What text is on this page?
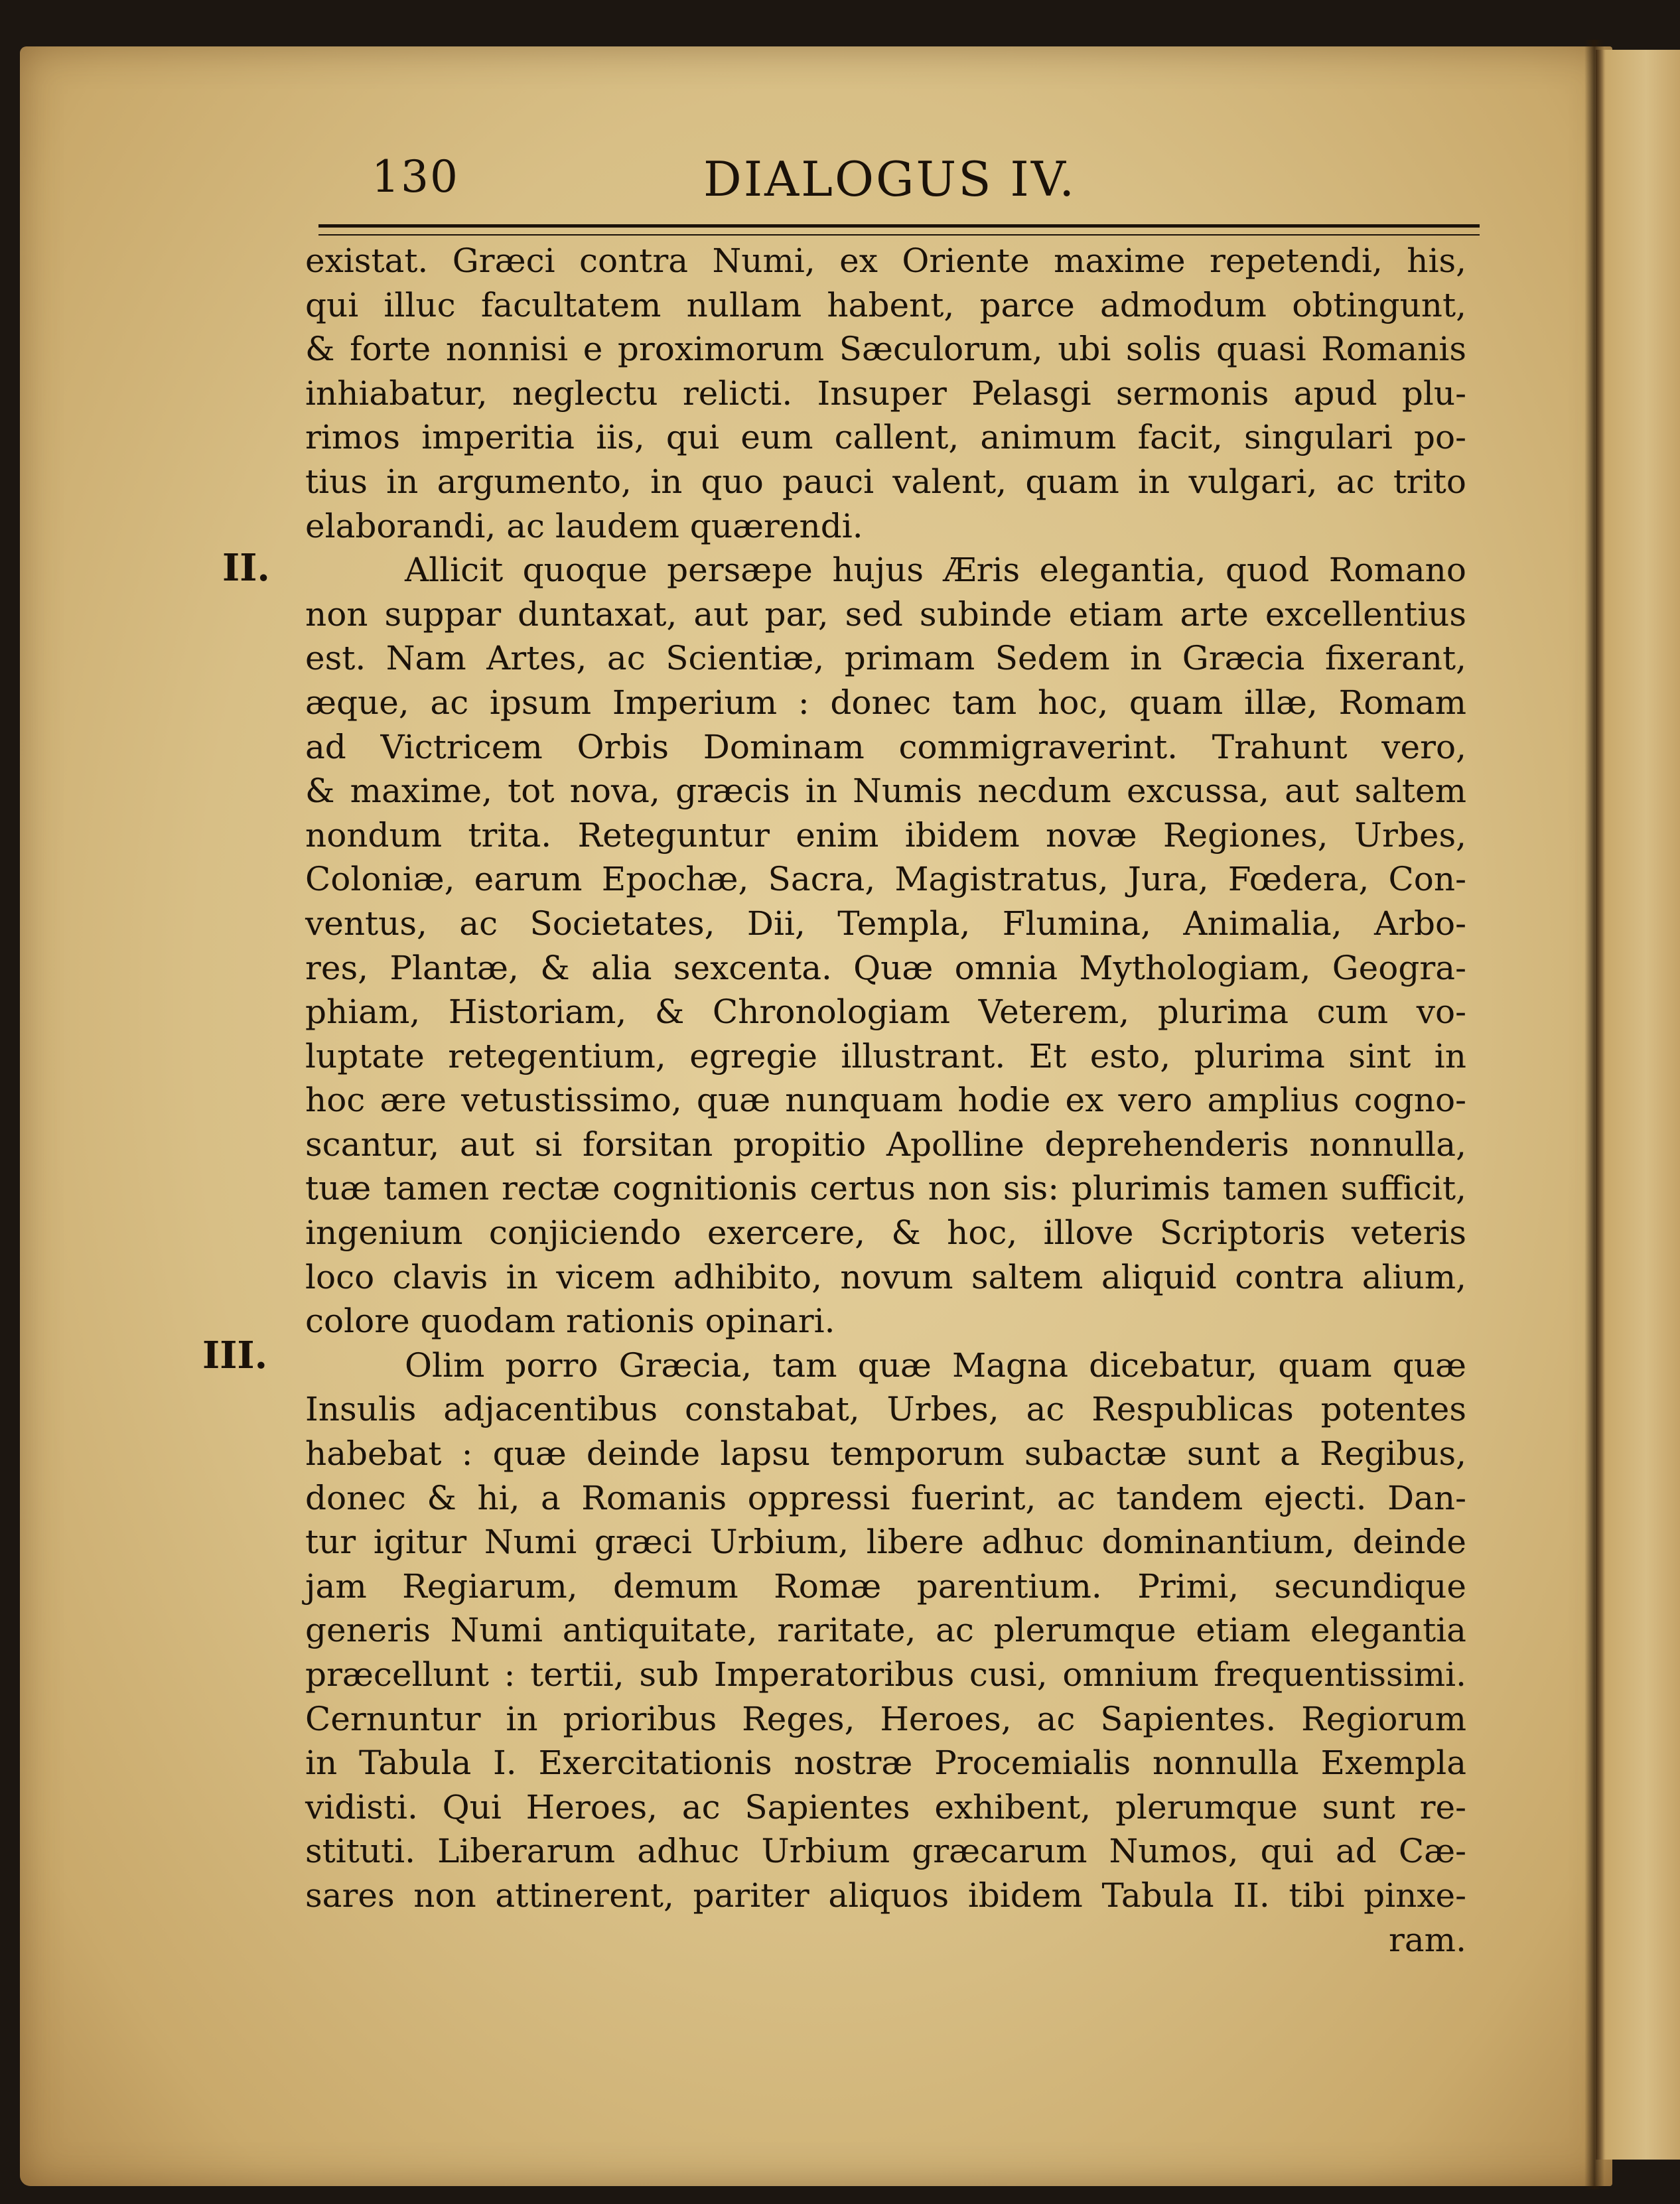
130	DIALOGUS IV.
II.
III.
existat. Græci contra Numi, ex Oriente maxime repetendi, his,
qui illuc facultatem nullam habent, parce admodum obtingunt,
& forte nonnisi e proximorum Sæculorum, ubi solis quasi Romanis
inhiabatur, neglectu relicti. Insuper Pelasgi sermonis apud plu-
rimos imperitia iis, qui eum callent, animum facit, singulari po-
tius in argumento, in quo pauci valent, quam in vulgari, ac trito
elaborandi, ac laudem quærendi.
Allicit quoque persæpe hujus Æris elegantia, quod Romano
non suppar duntaxat, aut par, sed subinde etiam arte excellentius
est. Nam Artes, ac Scientiæ, primam Sedem in Græcia fixerant,
æque, ac ipsum Imperium : donec tam hoc, quam illæ, Romam
ad Victricem Orbis Dominam commigraverint. Trahunt vero,
& maxime, tot nova, græcis in Numis necdum excussa, aut saltem
nondum trita. Reteguntur enim ibidem novæ Regiones, Urbes,
Coloniæ, earum Epochæ, Sacra, Magistratus, Jura, Fœdera, Con-
ventus, ac Societates, Dii, Templa, Flumina, Animalia, Arbo-
res, Plantæ, & alia sexcenta. Quæ omnia Mythologiam, Geogra-
phiam, Historiam, & Chronologiam Veterem, plurima cum vo-
luptate retegentium, egregie illustrant. Et esto, plurima sint in
hoc ære vetustissimo, quæ nunquam hodie ex vero amplius cogno-
scantur, aut si forsitan propitio Apolline deprehenderis nonnulla,
tuæ tamen rectæ cognitionis certus non sis: plurimis tamen sufficit,
ingenium conjiciendo exercere, & hoc, illove Scriptoris veteris
loco clavis in vicem adhibito, novum saltem aliquid contra alium,
colore quodam rationis opinari.
Olim porro Græcia, tam quæ Magna dicebatur, quam quæ
Insulis adjacentibus constabat, Urbes, ac Respublicas potentes
habebat : quæ deinde lapsu temporum subactæ sunt a Regibus,
donec & hi, a Romanis oppressi fuerint, ac tandem ejecti. Dan-
tur igitur Numi græci Urbium, libere adhuc dominantium, deinde
jam Regiarum, demum Romæ parentium. Primi, secundique
generis Numi antiquitate, raritate, ac plerumque etiam elegantia
præcellunt : tertii, sub Imperatoribus cusi, omnium frequentissimi.
Cernuntur in prioribus Reges, Heroes, ac Sapientes. Regiorum
in Tabula I. Exercitationis nostræ Procemialis nonnulla Exempla
vidisti. Qui Heroes, ac Sapientes exhibent, plerumque sunt re-
stituti. Liberarum adhuc Urbium græcarum Numos, qui ad Cæ-
sares non attinerent, pariter aliquos ibidem Tabula II. tibi pinxe-
ram.
